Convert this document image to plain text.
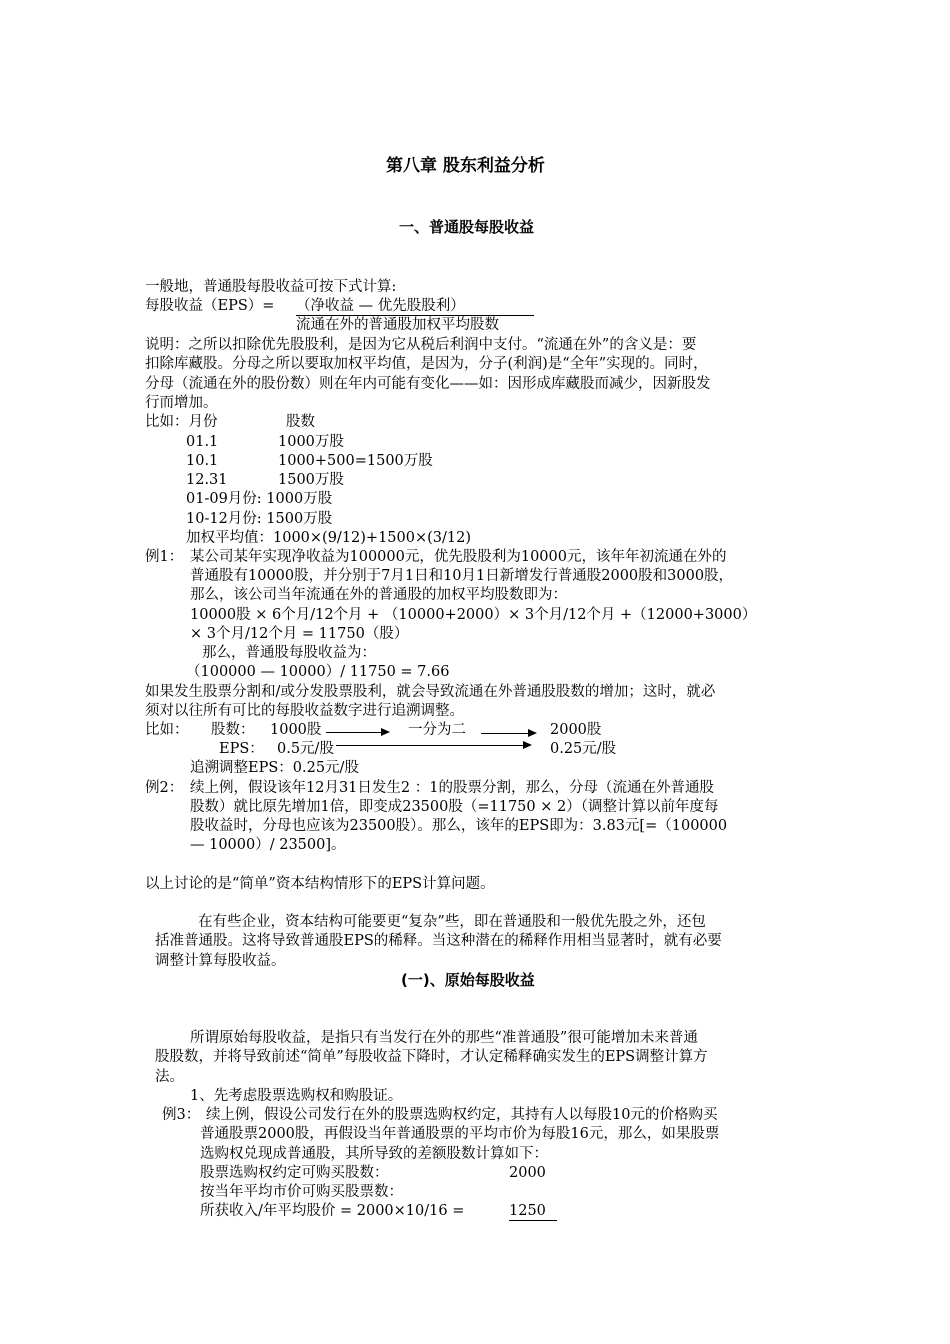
第八章 股东利益分析
一、普通股每股收益
一般地，普通股每股收益可按下式计算:
每股收益（EPS）= （净收益 — 优先股股利）
流通在外的普通股加权平均股数
说明：之所以扣除优先股股利，是因为它从税后利润中支付。“流通在外”的含义是：要
扣除库藏股。分母之所以要取加权平均值，是因为，分子(利润)是“全年”实现的。同时，
分母（流通在外的股份数）则在年内可能有变化——如：因形成库藏股而减少，因新股发
行而增加。
比如：月份	股数
01.1	1000万股
10.1	1000+500=1500万股
12.31	1500万股
01-09月份: 1000万股
10-12月份: 1500万股
加权平均值：1000×(9/12)+1500×(3/12)
例1： 某公司某年实现净收益为100000元，优先股股利为10000元，该年年初流通在外的
普通股有10000股，并分别于7月1日和10月1日新增发行普通股2000股和3000股，
那么，该公司当年流通在外的普通股的加权平均股数即为：
10000股 × 6个月/12个月 + （10000+2000）× 3个月/12个月 +（12000+3000）
× 3个月/12个月 = 11750（股）
那么，普通股每股收益为：
（100000 — 10000）/ 11750 = 7.66
如果发生股票分割和/或分发股票股利，就会导致流通在外普通股股数的增加；这时，就必
须对以往所有可比的每股收益数字进行追溯调整。
比如： 股数： 1000股	一分为二	2000股
EPS： 0.5元/股	0.25元/股
追溯调整EPS：0.25元/股
例2： 续上例，假设该年12月31日发生2 ：1的股票分割，那么，分母（流通在外普通股
股数）就比原先增加1倍，即变成23500股（=11750 × 2）（调整计算以前年度每
股收益时，分母也应该为23500股）。那么，该年的EPS即为：3.83元[=（100000
— 10000）/ 23500]。
以上讨论的是“简单”资本结构情形下的EPS计算问题。
在有些企业，资本结构可能要更“复杂”些，即在普通股和一般优先股之外，还包
括准普通股。这将导致普通股EPS的稀释。当这种潜在的稀释作用相当显著时，就有必要
调整计算每股收益。
(一)、原始每股收益
所谓原始每股收益，是指只有当发行在外的那些“准普通股”很可能增加未来普通
股股数，并将导致前述“简单”每股收益下降时，才认定稀释确实发生的EPS调整计算方
法。
1、先考虑股票选购权和购股证。
例3： 续上例，假设公司发行在外的股票选购权约定，其持有人以每股10元的价格购买
普通股票2000股，再假设当年普通股票的平均市价为每股16元，那么，如果股票
选购权兑现成普通股，其所导致的差额股数计算如下：
股票选购权约定可购买股数：	2000
按当年平均市价可购买股票数：
所获收入/年平均股价 = 2000×10/16 =	1250
